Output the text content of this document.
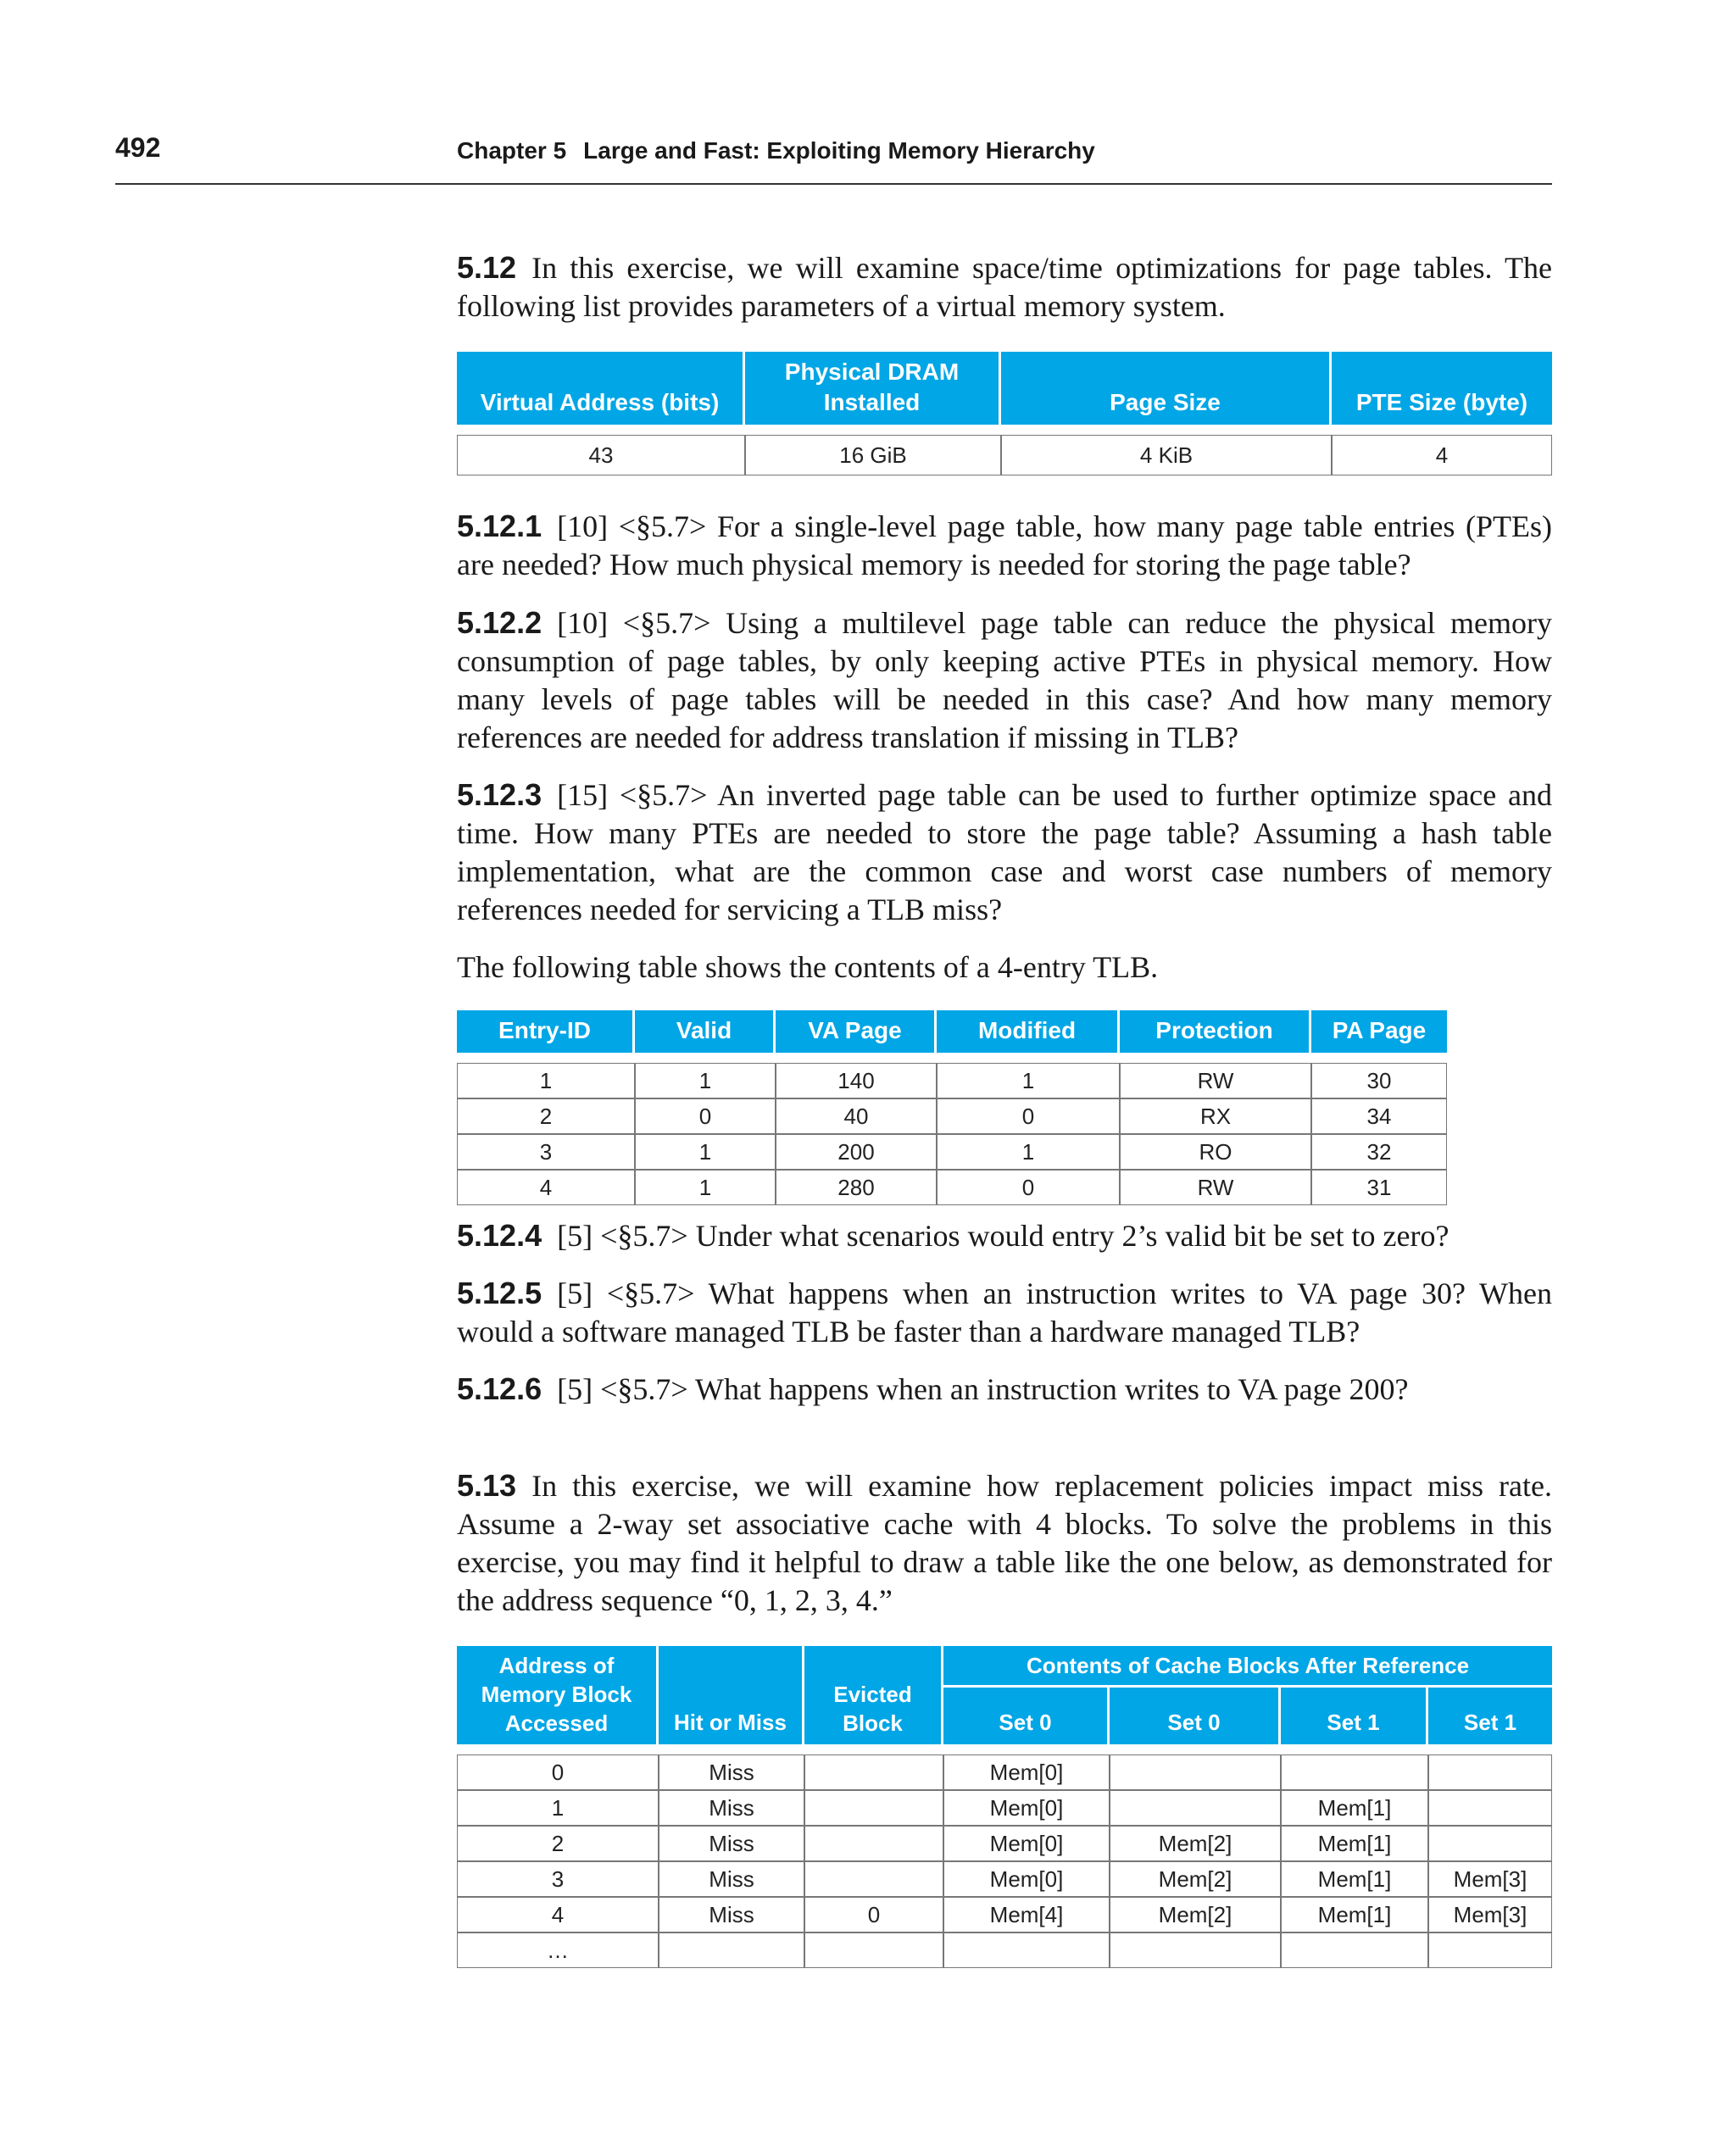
492	Chapter 5 Large and Fast: Exploiting Memory Hierarchy

5.12 In this exercise, we will examine space/time optimizations for page tables. The following list provides parameters of a virtual memory system.

Virtual Address (bits)	Physical DRAM Installed	Page Size	PTE Size (byte)

43	16 GiB	4 KiB	4

5.12.1 [10] <§5.7> For a single-level page table, how many page table entries (PTEs) are needed? How much physical memory is needed for storing the page table?

5.12.2 [10] <§5.7> Using a multilevel page table can reduce the physical memory consumption of page tables, by only keeping active PTEs in physical memory. How many levels of page tables will be needed in this case? And how many memory references are needed for address translation if missing in TLB?

5.12.3 [15] <§5.7> An inverted page table can be used to further optimize space and time. How many PTEs are needed to store the page table? Assuming a hash table implementation, what are the common case and worst case numbers of memory references needed for servicing a TLB miss?

The following table shows the contents of a 4-entry TLB.

Entry-ID	Valid	VA Page	Modified	Protection	PA Page

1	1	140	1	RW	30
2	0	40	0	RX	34
3	1	200	1	RO	32
4	1	280	0	RW	31

5.12.4 [5] <§5.7> Under what scenarios would entry 2’s valid bit be set to zero?

5.12.5 [5] <§5.7> What happens when an instruction writes to VA page 30? When would a software managed TLB be faster than a hardware managed TLB?

5.12.6 [5] <§5.7> What happens when an instruction writes to VA page 200?

5.13 In this exercise, we will examine how replacement policies impact miss rate. Assume a 2-way set associative cache with 4 blocks. To solve the problems in this exercise, you may find it helpful to draw a table like the one below, as demonstrated for the address sequence “0, 1, 2, 3, 4.”

Address of Memory Block Accessed	Hit or Miss	Evicted Block	Contents of Cache Blocks After Reference			
			Set 0	Set 0	Set 1	Set 1

0	Miss		Mem[0]			
1	Miss		Mem[0]		Mem[1]	
2	Miss		Mem[0]	Mem[2]	Mem[1]	
3	Miss		Mem[0]	Mem[2]	Mem[1]	Mem[3]
4	Miss	0	Mem[4]	Mem[2]	Mem[1]	Mem[3]
…						
